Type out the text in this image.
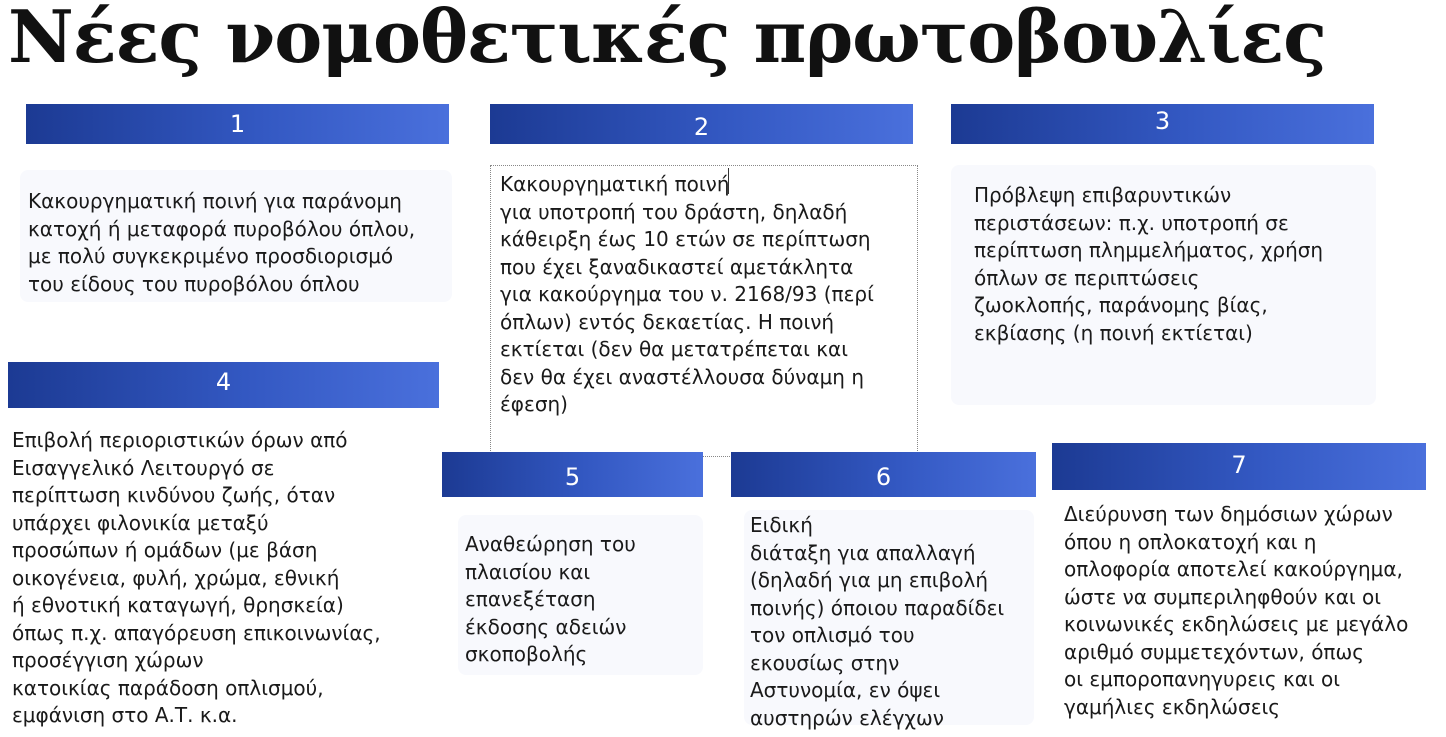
Νέες νομοθετικές πρωτοβουλίες
1

Κακουργηματική ποινή για παράνομη
κατοχή ή μεταφορά πυροβόλου όπλου,
με πολύ συγκεκριμένο προσδιορισμό
του είδους του πυροβόλου όπλου

2

Κακουργηματική ποινή
για υποτροπή του δράστη, δηλαδή
κάθειρξη έως 10 ετών σε περίπτωση
που έχει ξαναδικαστεί αμετάκλητα
για κακούργημα του ν. 2168/93 (περί
όπλων) εντός δεκαετίας. Η ποινή
εκτίεται (δεν θα μετατρέπεται και
δεν θα έχει αναστέλλουσα δύναμη η
έφεση)

3

Πρόβλεψη επιβαρυντικών
περιστάσεων: π.χ. υποτροπή σε
περίπτωση πλημμελήματος, χρήση
όπλων σε περιπτώσεις
ζωοκλοπής, παράνομης βίας,
εκβίασης (η ποινή εκτίεται)

4

Επιβολή περιοριστικών όρων από
Εισαγγελικό Λειτουργό σε
περίπτωση κινδύνου ζωής, όταν
υπάρχει φιλονικία μεταξύ
προσώπων ή ομάδων (με βάση
οικογένεια, φυλή, χρώμα, εθνική
ή εθνοτική καταγωγή, θρησκεία)
όπως π.χ. απαγόρευση επικοινωνίας,
προσέγγιση χώρων
κατοικίας παράδοση οπλισμού,
εμφάνιση στο Α.Τ. κ.α.

5

Αναθεώρηση του
πλαισίου και
επανεξέταση
έκδοσης αδειών
σκοποβολής

6

Ειδική
διάταξη για απαλλαγή
(δηλαδή για μη επιβολή
ποινής) όποιου παραδίδει
τον οπλισμό του
εκουσίως στην
Αστυνομία, εν όψει
αυστηρών ελέγχων

7

Διεύρυνση των δημόσιων χώρων
όπου η οπλοκατοχή και η
οπλοφορία αποτελεί κακούργημα,
ώστε να συμπεριληφθούν και οι
κοινωνικές εκδηλώσεις με μεγάλο
αριθμό συμμετεχόντων, όπως
οι εμποροπανηγυρεις και οι
γαμήλιες εκδηλώσεις
